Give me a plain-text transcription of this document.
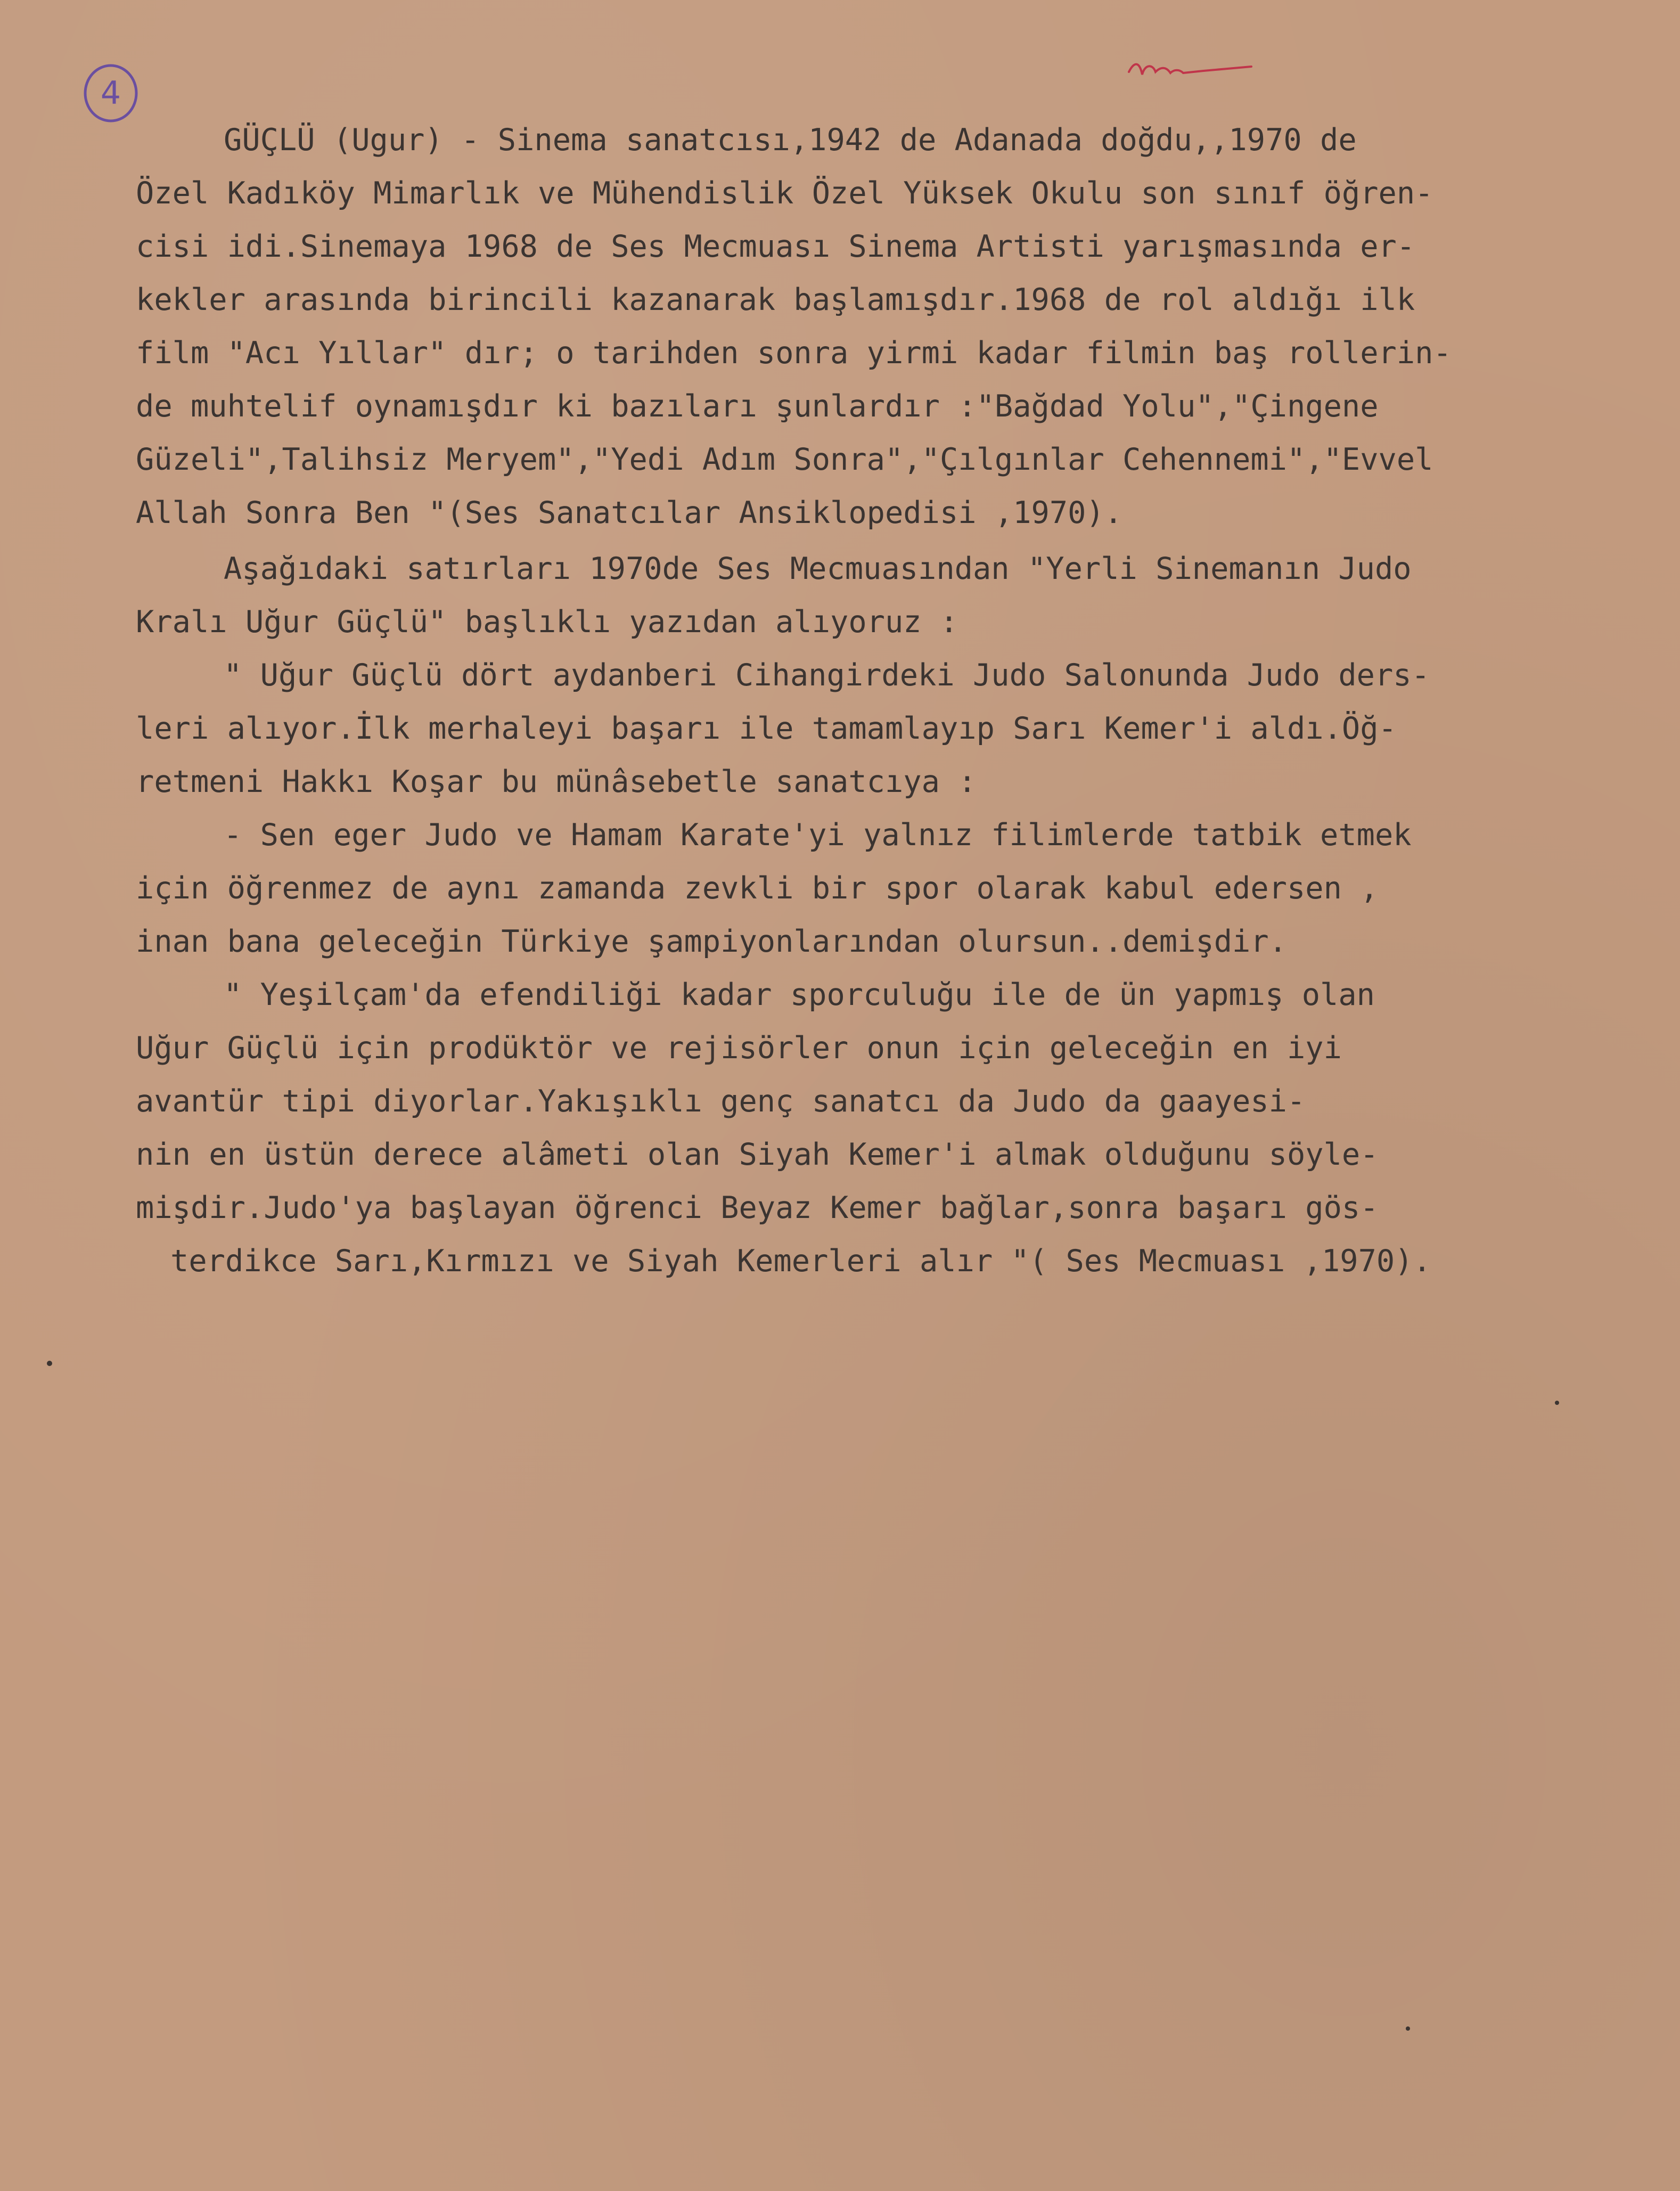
4
Yeni
GÜÇLÜ (Ugur) - Sinema sanatcısı,1942 de Adanada doğdu,,1970 de
Özel Kadıköy Mimarlık ve Mühendislik Özel Yüksek Okulu son sınıf öğren-
cisi idi.Sinemaya 1968 de Ses Mecmuası Sinema Artisti yarışmasında er-
kekler arasında birincili kazanarak başlamışdır.1968 de rol aldığı ilk
film "Acı Yıllar" dır; o tarihden sonra yirmi kadar filmin baş rollerin-
de muhtelif oynamışdır ki bazıları şunlardır :"Bağdad Yolu","Çingene
Güzeli",Talihsiz Meryem","Yedi Adım Sonra","Çılgınlar Cehennemi","Evvel
Allah Sonra Ben "(Ses Sanatcılar Ansiklopedisi ,1970).
Aşağıdaki satırları 1970de Ses Mecmuasından "Yerli Sinemanın Judo
Kralı Uğur Güçlü" başlıklı yazıdan alıyoruz :
" Uğur Güçlü dört aydanberi Cihangirdeki Judo Salonunda Judo ders-
leri alıyor.İlk merhaleyi başarı ile tamamlayıp Sarı Kemer'i aldı.Öğ-
retmeni Hakkı Koşar bu münâsebetle sanatcıya :
- Sen eger Judo ve Hamam Karate'yi yalnız filimlerde tatbik etmek
için öğrenmez de aynı zamanda zevkli bir spor olarak kabul edersen ,
inan bana geleceğin Türkiye şampiyonlarından olursun..demişdir.
" Yeşilçam'da efendiliği kadar sporculuğu ile de ün yapmış olan
Uğur Güçlü için prodüktör ve rejisörler onun için geleceğin en iyi
avantür tipi diyorlar.Yakışıklı genç sanatcı da Judo da gaayesi-
nin en üstün derece alâmeti olan Siyah Kemer'i almak olduğunu söyle-
mişdir.Judo'ya başlayan öğrenci Beyaz Kemer bağlar,sonra başarı gös-
terdikce Sarı,Kırmızı ve Siyah Kemerleri alır "( Ses Mecmuası ,1970).
